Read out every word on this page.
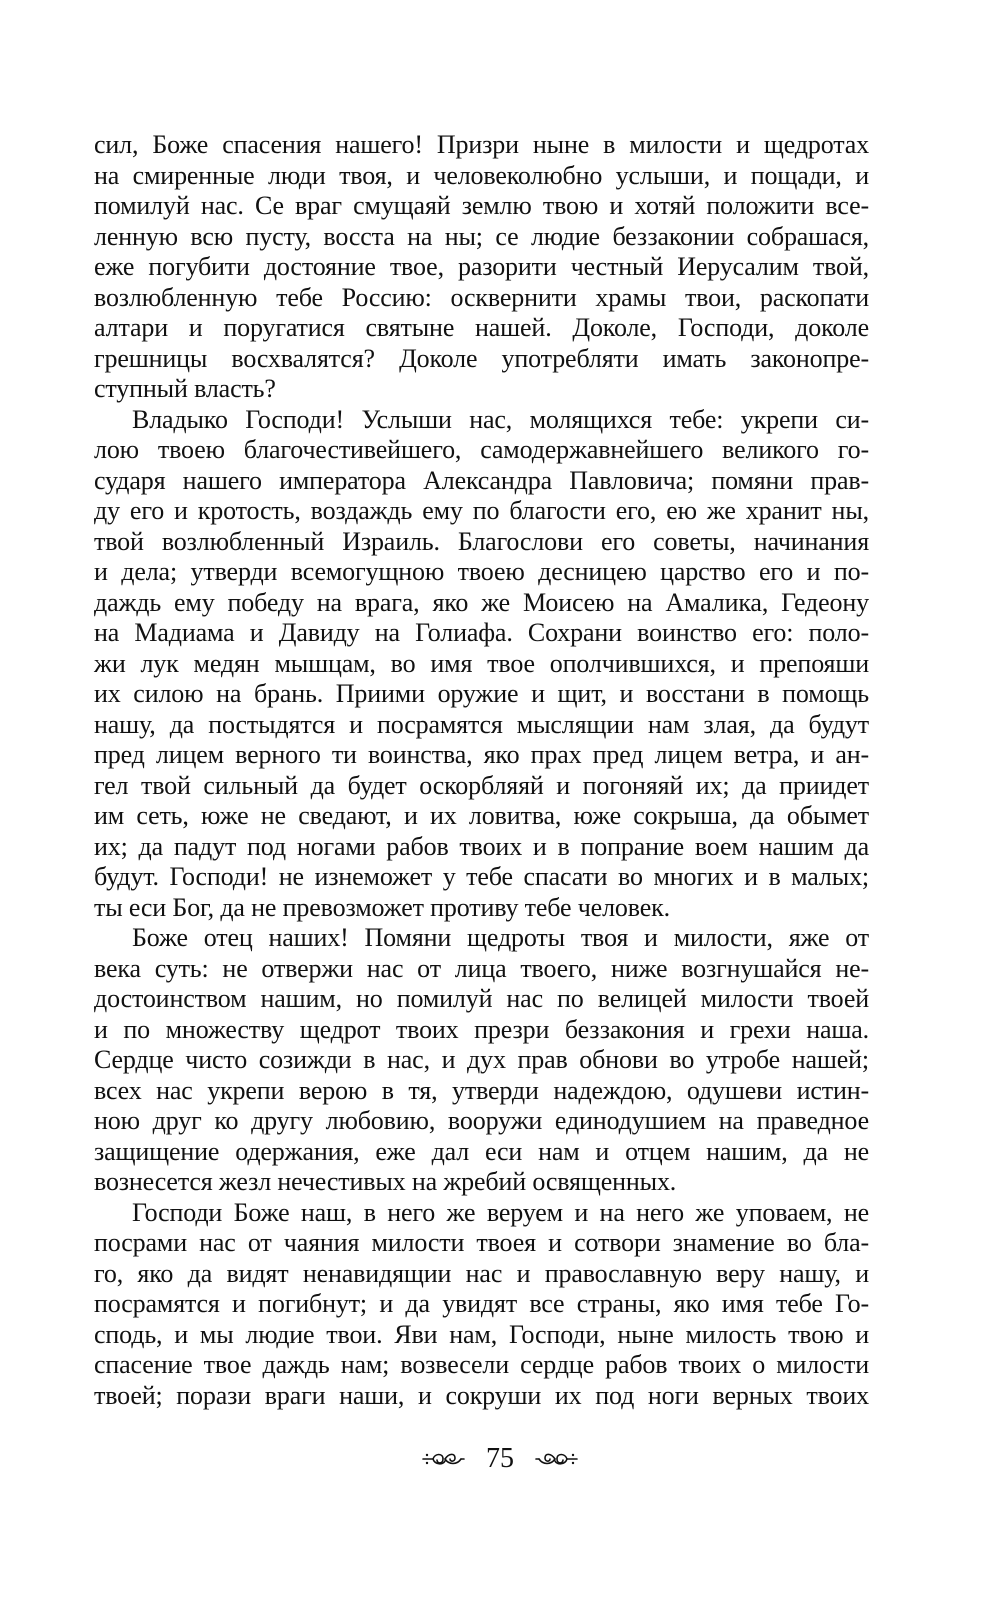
сил, Боже спасения нашего! Призри ныне в милости и щедротах
на смиренные люди твоя, и человеколюбно услыши, и пощади, и
помилуй нас. Се враг смущаяй землю твою и хотяй положити все-
ленную всю пусту, восста на ны; се людие беззаконии собрашася,
еже погубити достояние твое, разорити честный Иерусалим твой,
возлюбленную тебе Россию: осквернити храмы твои, раскопати
алтари и поругатися святыне нашей. Доколе, Господи, доколе
грешницы восхвалятся? Доколе употребляти имать законопре-
ступный власть?
Владыко Господи! Услыши нас, молящихся тебе: укрепи си-
лою твоею благочестивейшего, самодержавнейшего великого го-
сударя нашего императора Александра Павловича; помяни прав-
ду его и кротость, воздаждь ему по благости его, ею же хранит ны,
твой возлюбленный Израиль. Благослови его советы, начинания
и дела; утверди всемогущною твоею десницею царство его и по-
даждь ему победу на врага, яко же Моисею на Амалика, Гедеону
на Мадиама и Давиду на Голиафа. Сохрани воинство его: поло-
жи лук медян мышцам, во имя твое ополчившихся, и препояши
их силою на брань. Приими оружие и щит, и восстани в помощь
нашу, да постыдятся и посрамятся мыслящии нам злая, да будут
пред лицем верного ти воинства, яко прах пред лицем ветра, и ан-
гел твой сильный да будет оскорбляяй и погоняяй их; да приидет
им сеть, юже не сведают, и их ловитва, юже сокрыша, да обымет
их; да падут под ногами рабов твоих и в попрание воем нашим да
будут. Господи! не изнеможет у тебе спасати во многих и в малых;
ты еси Бог, да не превозможет противу тебе человек.
Боже отец наших! Помяни щедроты твоя и милости, яже от
века суть: не отвержи нас от лица твоего, ниже возгнушайся не-
достоинством нашим, но помилуй нас по велицей милости твоей
и по множеству щедрот твоих презри беззакония и грехи наша.
Сердце чисто созижди в нас, и дух прав обнови во утробе нашей;
всех нас укрепи верою в тя, утверди надеждою, одушеви истин-
ною друг ко другу любовию, вооружи единодушием на праведное
защищение одержания, еже дал еси нам и отцем нашим, да не
вознесется жезл нечестивых на жребий освященных.
Господи Боже наш, в него же веруем и на него же уповаем, не
посрами нас от чаяния милости твоея и сотвори знамение во бла-
го, яко да видят ненавидящии нас и православную веру нашу, и
посрамятся и погибнут; и да увидят все страны, яко имя тебе Го-
сподь, и мы людие твои. Яви нам, Господи, ныне милость твою и
спасение твое даждь нам; возвесели сердце рабов твоих о милости
твоей; порази враги наши, и сокруши их под ноги верных твоих
75
